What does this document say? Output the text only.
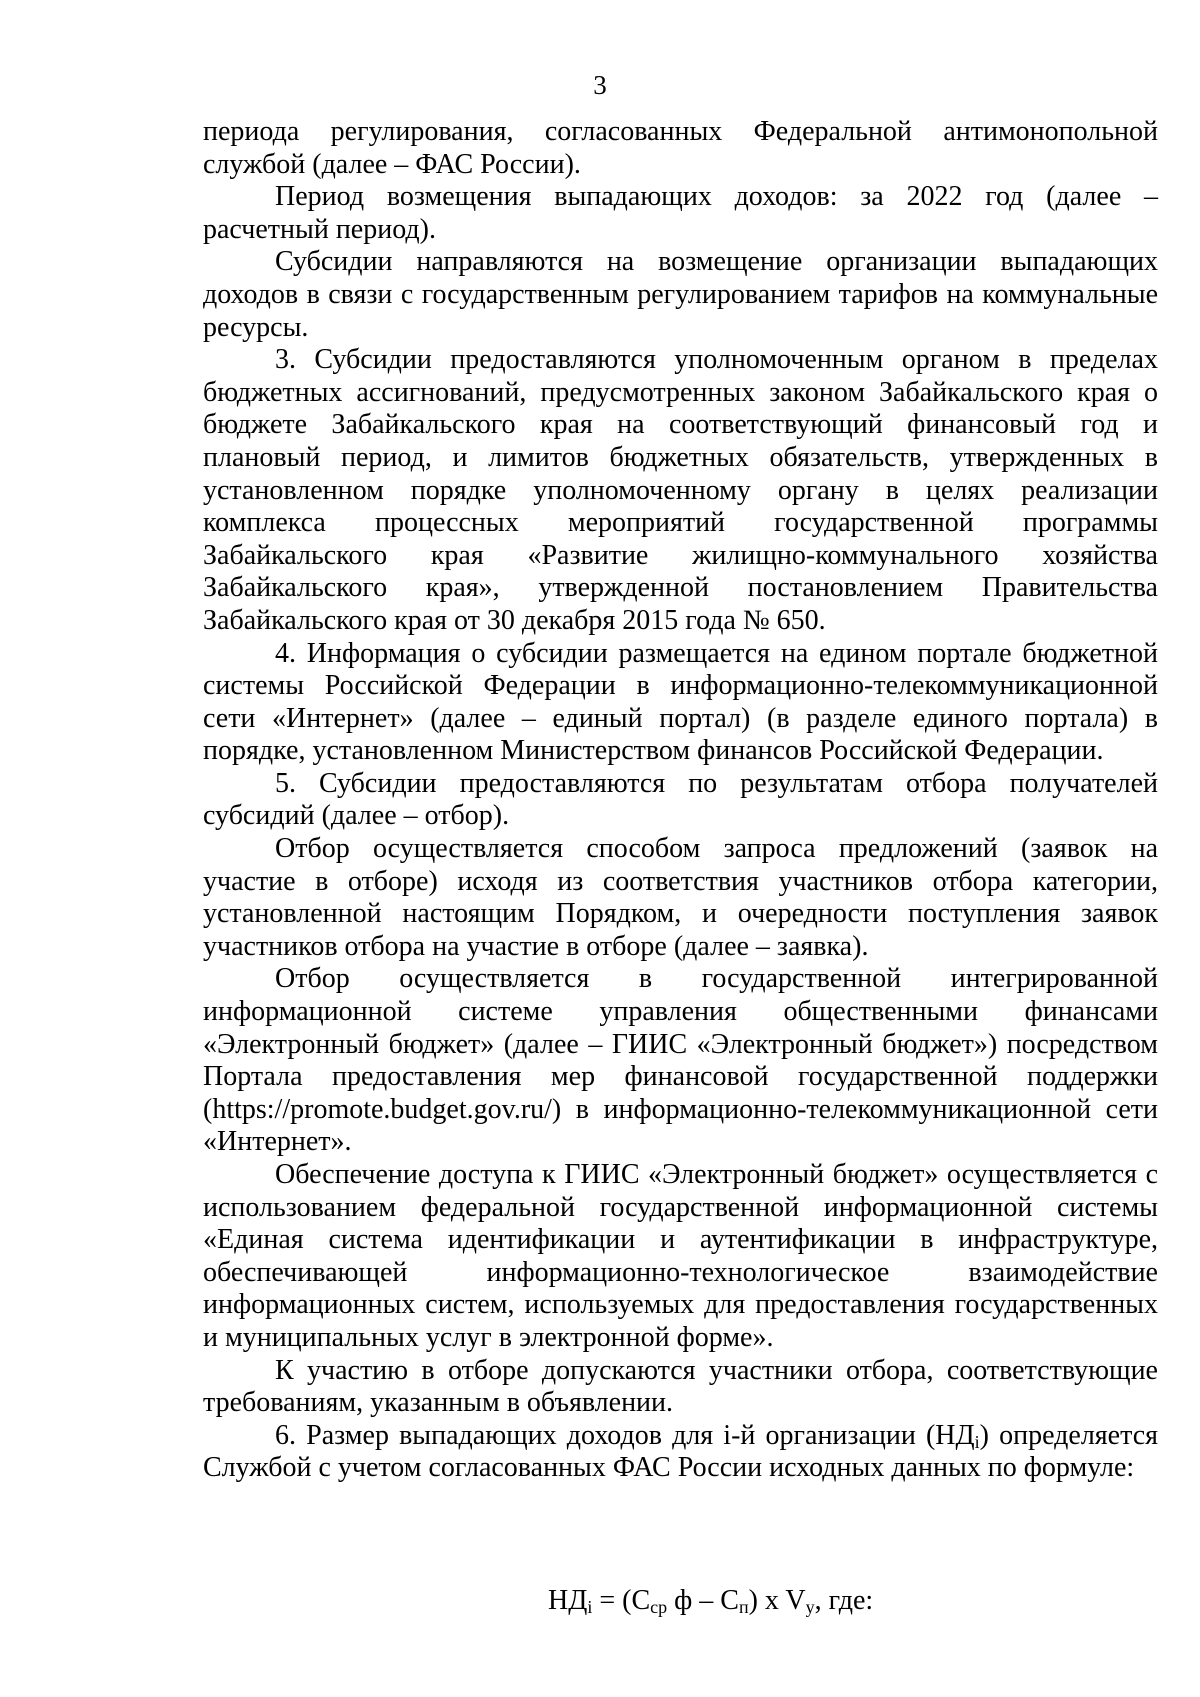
3

периода регулирования, согласованных Федеральной антимонопольной службой (далее – ФАС России).

Период возмещения выпадающих доходов: за 2022 год (далее – расчетный период).

Субсидии направляются на возмещение организации выпадающих доходов в связи с государственным регулированием тарифов на коммунальные ресурсы.

3. Субсидии предоставляются уполномоченным органом в пределах бюджетных ассигнований, предусмотренных законом Забайкальского края о бюджете Забайкальского края на соответствующий финансовый год и плановый период, и лимитов бюджетных обязательств, утвержденных в установленном порядке уполномоченному органу в целях реализации комплекса процессных мероприятий государственной программы Забайкальского края «Развитие жилищно-коммунального хозяйства Забайкальского края», утвержденной постановлением Правительства Забайкальского края от 30 декабря 2015 года № 650.

4. Информация о субсидии размещается на едином портале бюджетной системы Российской Федерации в информационно-телекоммуникационной сети «Интернет» (далее – единый портал) (в разделе единого портала) в порядке, установленном Министерством финансов Российской Федерации.

5. Субсидии предоставляются по результатам отбора получателей субсидий (далее – отбор).

Отбор осуществляется способом запроса предложений (заявок на участие в отборе) исходя из соответствия участников отбора категории, установленной настоящим Порядком, и очередности поступления заявок участников отбора на участие в отборе (далее – заявка).

Отбор осуществляется в государственной интегрированной информационной системе управления общественными финансами «Электронный бюджет» (далее – ГИИС «Электронный бюджет») посредством Портала предоставления мер финансовой государственной поддержки (https://promote.budget.gov.ru/) в информационно-телекоммуникационной сети «Интернет».

Обеспечение доступа к ГИИС «Электронный бюджет» осуществляется с использованием федеральной государственной информационной системы «Единая система идентификации и аутентификации в инфраструктуре, обеспечивающей информационно-технологическое взаимодействие информационных систем, используемых для предоставления государственных и муниципальных услуг в электронной форме».

К участию в отборе допускаются участники отбора, соответствующие требованиям, указанным в объявлении.

6. Размер выпадающих доходов для i-й организации $(НД_i)$ определяется Службой с учетом согласованных ФАС России исходных данных по формуле:

$НД_i = (С_{ср}$ ф – $С_п$) x $V_у$, где:
